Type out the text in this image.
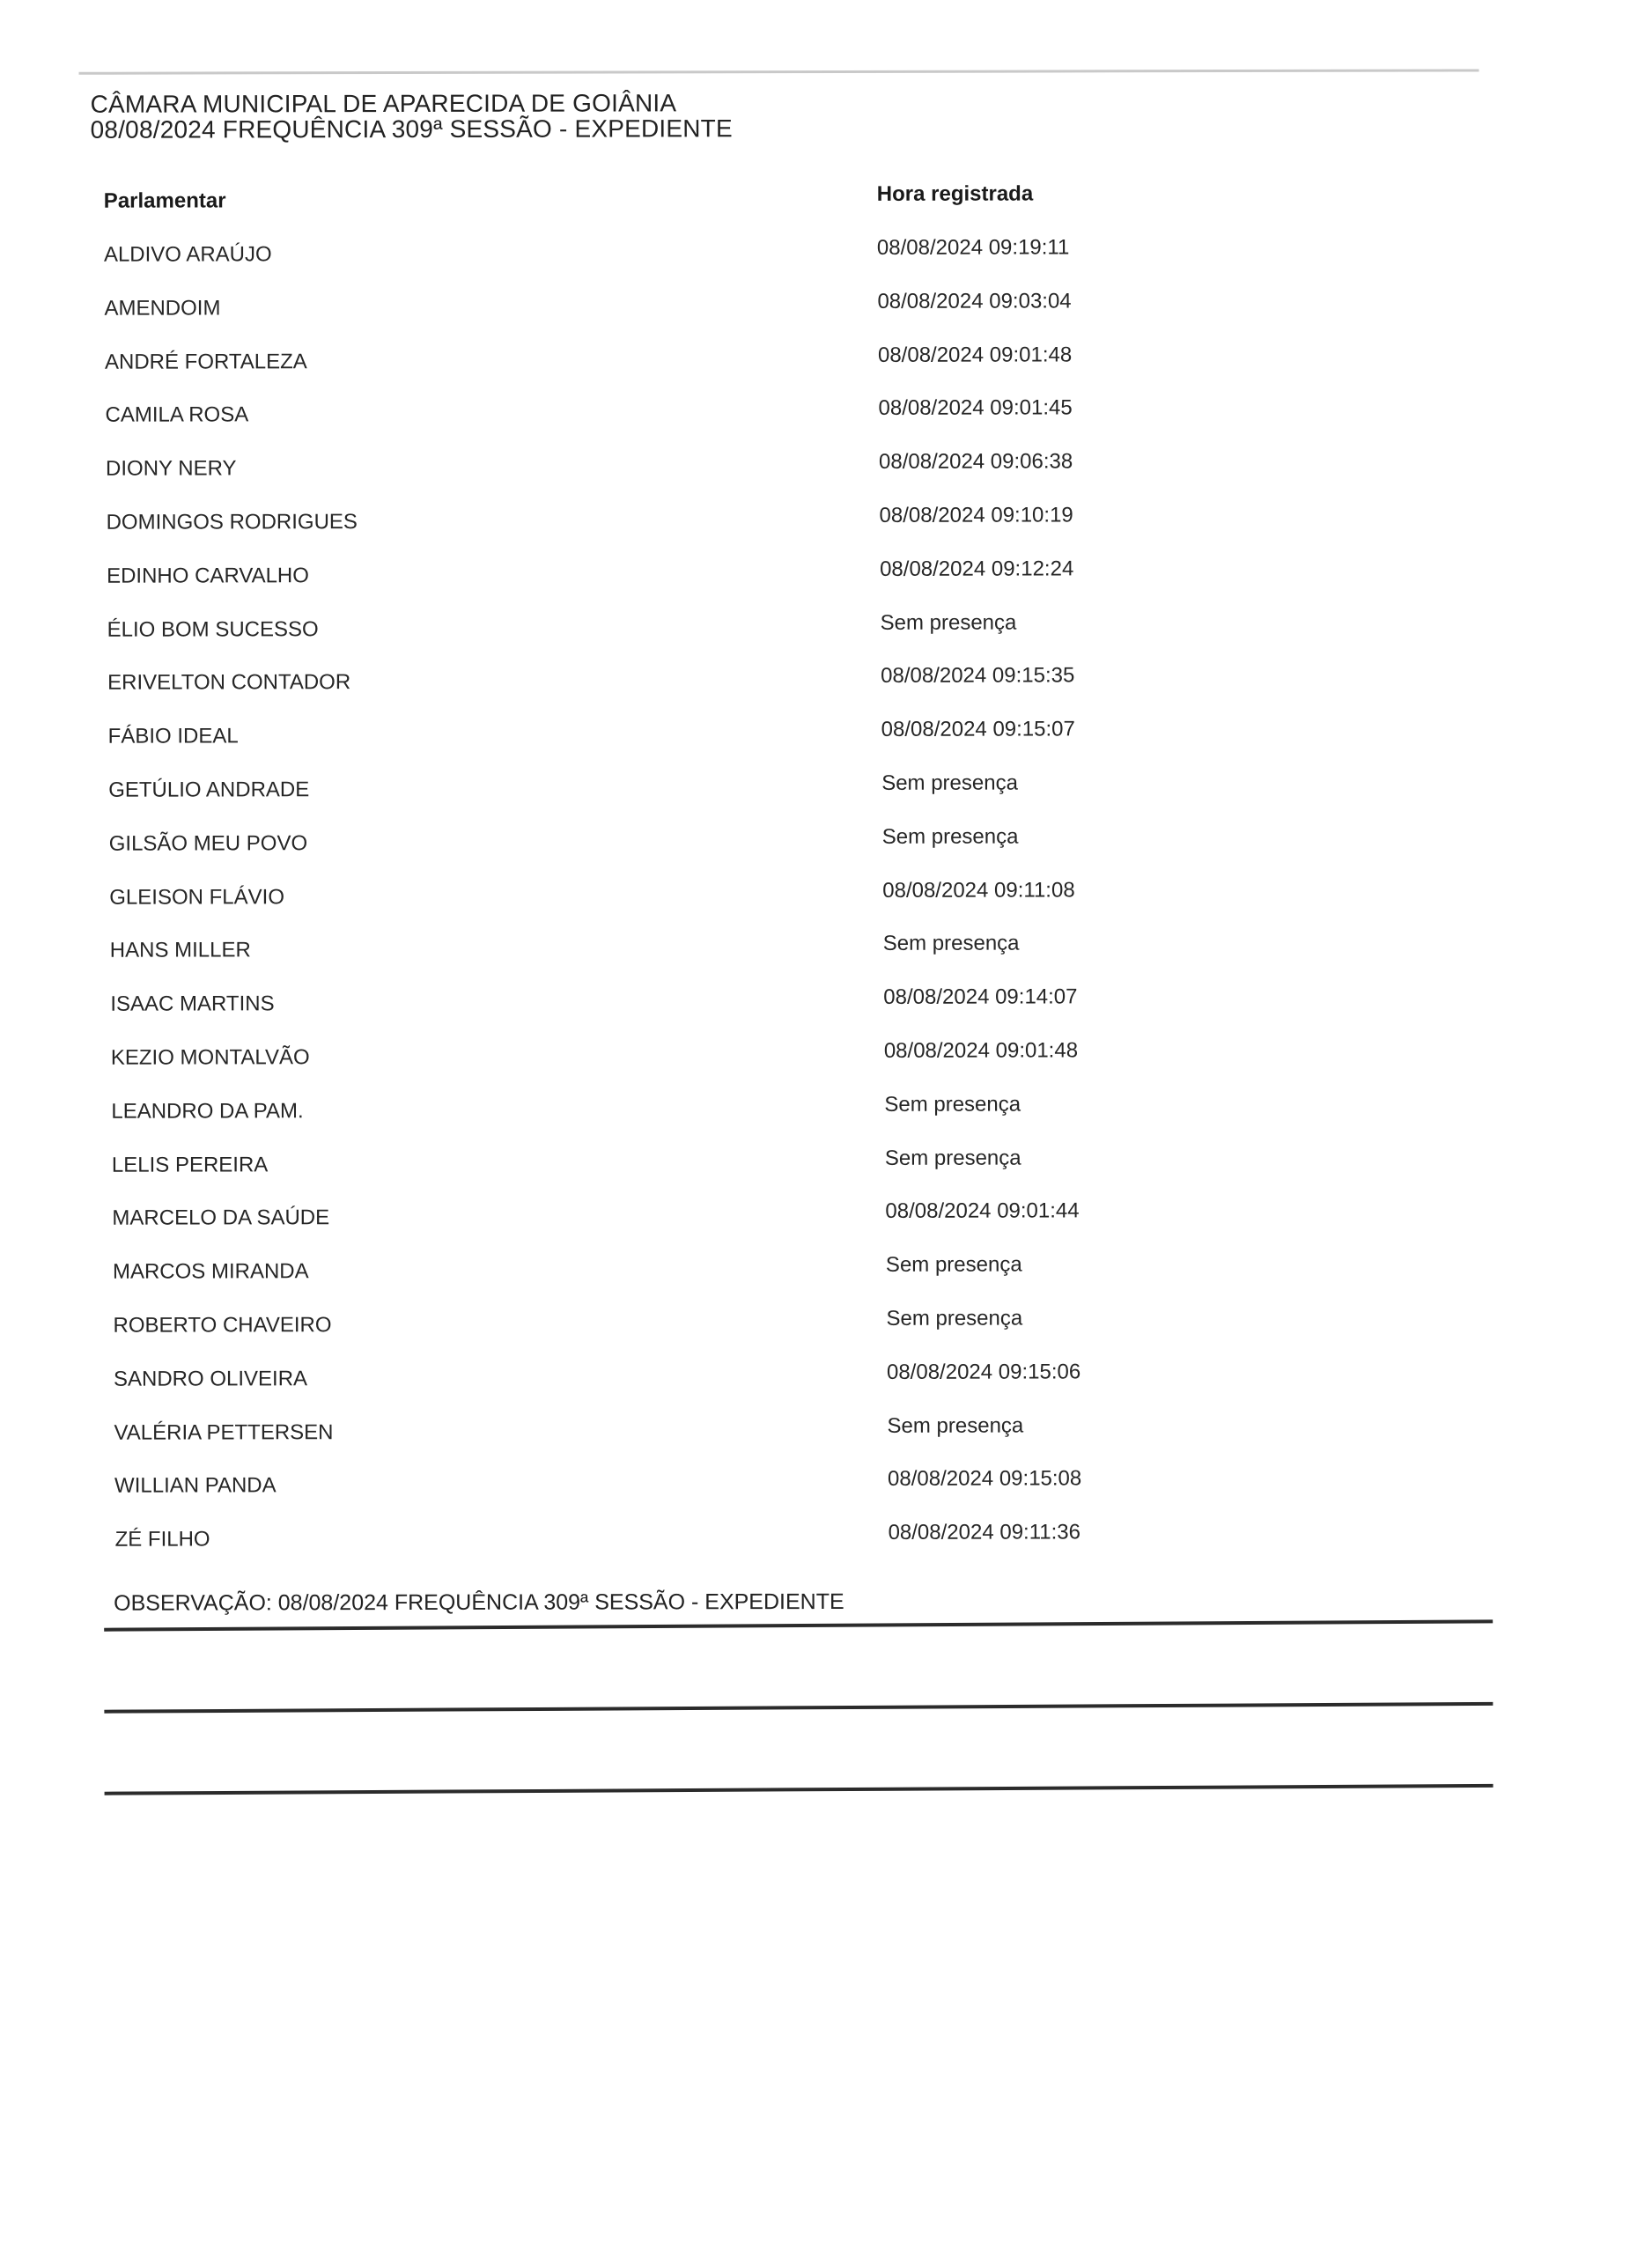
CÂMARA MUNICIPAL DE APARECIDA DE GOIÂNIA
08/08/2024 FREQUÊNCIA 309ª SESSÃO - EXPEDIENTE
Parlamentar	Hora registrada
ALDIVO ARAÚJO	08/08/2024 09:19:11
AMENDOIM	08/08/2024 09:03:04
ANDRÉ FORTALEZA	08/08/2024 09:01:48
CAMILA ROSA	08/08/2024 09:01:45
DIONY NERY	08/08/2024 09:06:38
DOMINGOS RODRIGUES	08/08/2024 09:10:19
EDINHO CARVALHO	08/08/2024 09:12:24
ÉLIO BOM SUCESSO	Sem presença
ERIVELTON CONTADOR	08/08/2024 09:15:35
FÁBIO IDEAL	08/08/2024 09:15:07
GETÚLIO ANDRADE	Sem presença
GILSÃO MEU POVO	Sem presença
GLEISON FLÁVIO	08/08/2024 09:11:08
HANS MILLER	Sem presença
ISAAC MARTINS	08/08/2024 09:14:07
KEZIO MONTALVÃO	08/08/2024 09:01:48
LEANDRO DA PAM.	Sem presença
LELIS PEREIRA	Sem presença
MARCELO DA SAÚDE	08/08/2024 09:01:44
MARCOS MIRANDA	Sem presença
ROBERTO CHAVEIRO	Sem presença
SANDRO OLIVEIRA	08/08/2024 09:15:06
VALÉRIA PETTERSEN	Sem presença
WILLIAN PANDA	08/08/2024 09:15:08
ZÉ FILHO	08/08/2024 09:11:36
OBSERVAÇÃO: 08/08/2024 FREQUÊNCIA 309ª SESSÃO - EXPEDIENTE
